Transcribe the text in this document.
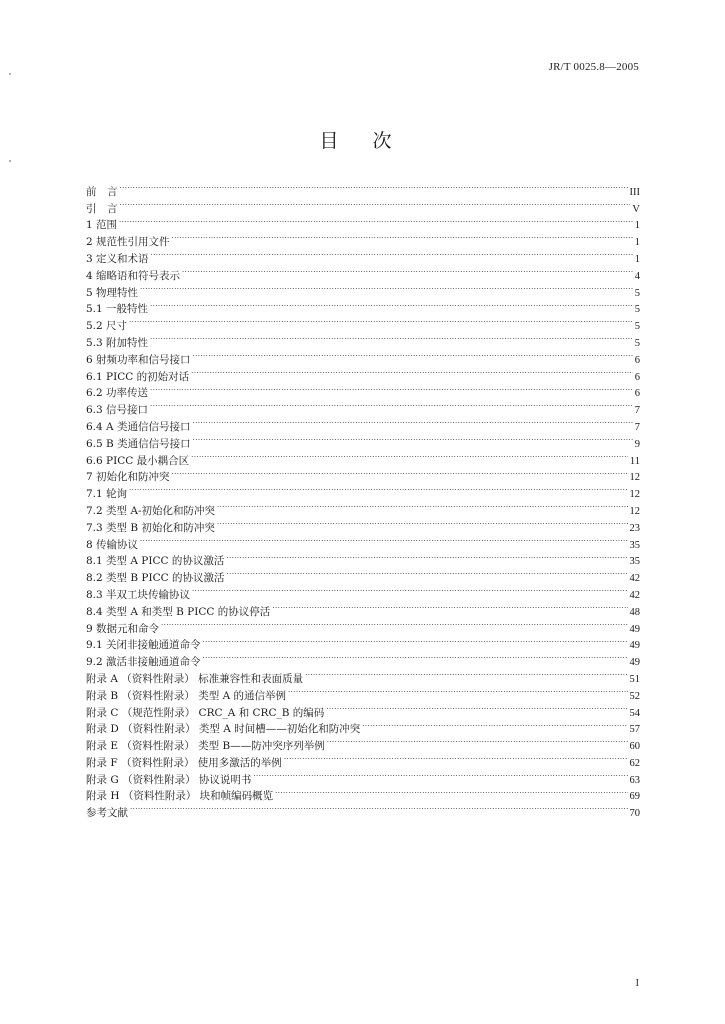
JR/T 0025.8—2005
目 次
前　言 .....	III
引　言 .....	V
1 范围 .....	1
2 规范性引用文件 .....	1
3 定义和术语 .....	1
4 缩略语和符号表示 .....	4
5 物理特性 .....	5
5.1 一般特性 .....	5
5.2 尺寸 .....	5
5.3 附加特性 .....	5
6 射频功率和信号接口 .....	6
6.1 PICC 的初始对话 .....	6
6.2 功率传送 .....	6
6.3 信号接口 .....	7
6.4 A 类通信信号接口 .....	7
6.5 B 类通信信号接口 .....	9
6.6 PICC 最小耦合区 .....	11
7 初始化和防冲突 .....	12
7.1 轮询 .....	12
7.2 类型 A-初始化和防冲突 .....	12
7.3 类型 B 初始化和防冲突 .....	23
8 传输协议 .....	35
8.1 类型 A PICC 的协议激活 .....	35
8.2 类型 B PICC 的协议激活 .....	42
8.3 半双工块传输协议 .....	42
8.4 类型 A 和类型 B PICC 的协议停活 .....	48
9 数据元和命令 .....	49
9.1 关闭非接触通道命令 .....	49
9.2 激活非接触通道命令 .....	49
附录 A （资料性附录） 标准兼容性和表面质量 .....	51
附录 B （资料性附录） 类型 A 的通信举例 .....	52
附录 C （规范性附录） CRC_A 和 CRC_B 的编码 .....	54
附录 D （资料性附录） 类型 A 时间槽——初始化和防冲突 .....	57
附录 E （资料性附录） 类型 B——防冲突序列举例 .....	60
附录 F （资料性附录） 使用多激活的举例 .....	62
附录 G （资料性附录） 协议说明书 .....	63
附录 H （资料性附录） 块和帧编码概览 .....	69
参考文献 .....	70
I
